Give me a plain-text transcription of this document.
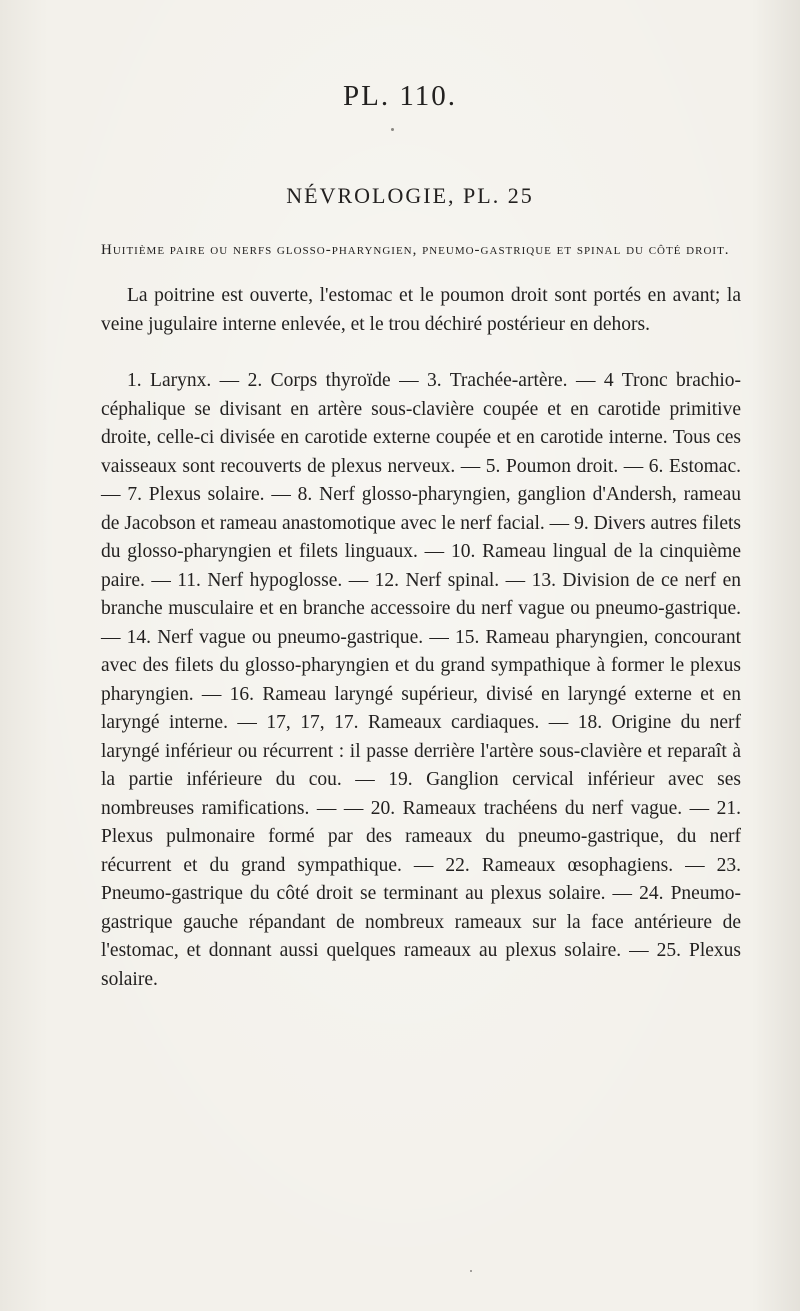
PL. 110.
NÉVROLOGIE, PL. 25
Huitième paire ou nerfs glosso-pharyngien, pneumo-gastrique et spinal du côté droit.

La poitrine est ouverte, l'estomac et le poumon droit sont portés en avant; la veine jugulaire interne enlevée, et le trou déchiré postérieur en dehors.

1. Larynx. — 2. Corps thyroïde — 3. Trachée-artère. — 4 Tronc brachio-céphalique se divisant en artère sous-clavière coupée et en carotide primitive droite, celle-ci divisée en carotide externe coupée et en carotide interne. Tous ces vaisseaux sont recouverts de plexus nerveux. — 5. Poumon droit. — 6. Estomac. — 7. Plexus solaire. — 8. Nerf glosso-pharyngien, ganglion d'Andersh, rameau de Jacobson et rameau anastomotique avec le nerf facial. — 9. Divers autres filets du glosso-pharyngien et filets linguaux. — 10. Rameau lingual de la cinquième paire. — 11. Nerf hypoglosse. — 12. Nerf spinal. — 13. Division de ce nerf en branche musculaire et en branche accessoire du nerf vague ou pneumo-gastrique. — 14. Nerf vague ou pneumo-gastrique. — 15. Rameau pharyngien, concourant avec des filets du glosso-pharyngien et du grand sympathique à former le plexus pharyngien. — 16. Rameau laryngé supérieur, divisé en laryngé externe et en laryngé interne. — 17, 17, 17. Rameaux cardiaques. — 18. Origine du nerf laryngé inférieur ou récurrent : il passe derrière l'artère sous-clavière et reparaît à la partie inférieure du cou. — 19. Ganglion cervical inférieur avec ses nombreuses ramifications. — — 20. Rameaux trachéens du nerf vague. — 21. Plexus pulmonaire formé par des rameaux du pneumo-gastrique, du nerf récurrent et du grand sympathique. — 22. Rameaux œsophagiens. — 23. Pneumo-gastrique du côté droit se terminant au plexus solaire. — 24. Pneumo-gastrique gauche répandant de nombreux rameaux sur la face antérieure de l'estomac, et donnant aussi quelques rameaux au plexus solaire. — 25. Plexus solaire.
